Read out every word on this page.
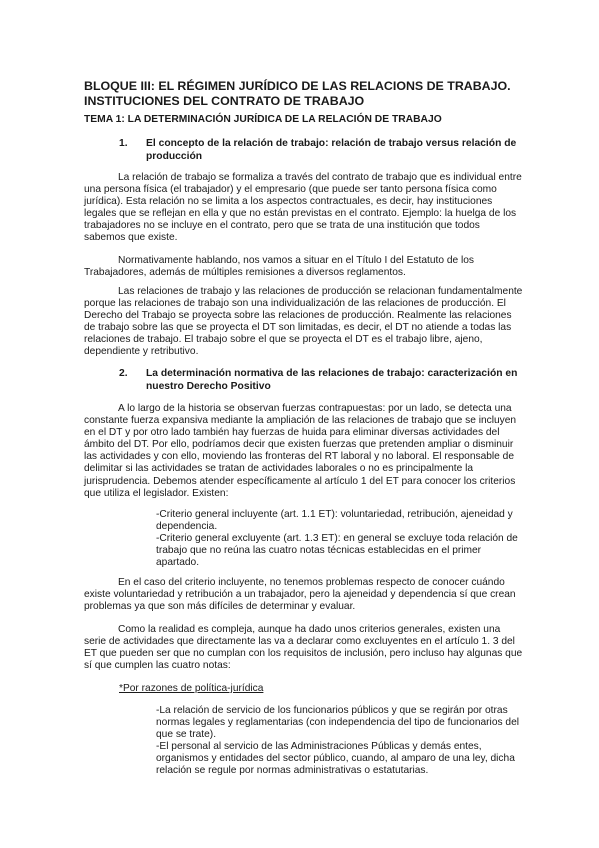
BLOQUE III: EL RÉGIMEN JURÍDICO DE LAS RELACIONS DE TRABAJO. INSTITUCIONES DEL CONTRATO DE TRABAJO
TEMA 1: LA DETERMINACIÓN JURÍDICA DE LA RELACIÓN DE TRABAJO
1. El concepto de la relación de trabajo: relación de trabajo versus relación de producción

La relación de trabajo se formaliza a través del contrato de trabajo que es individual entre una persona física (el trabajador) y el empresario (que puede ser tanto persona física como jurídica). Esta relación no se limita a los aspectos contractuales, es decir, hay instituciones legales que se reflejan en ella y que no están previstas en el contrato. Ejemplo: la huelga de los trabajadores no se incluye en el contrato, pero que se trata de una institución que todos sabemos que existe.

Normativamente hablando, nos vamos a situar en el Título I del Estatuto de los Trabajadores, además de múltiples remisiones a diversos reglamentos.

Las relaciones de trabajo y las relaciones de producción se relacionan fundamentalmente porque las relaciones de trabajo son una individualización de las relaciones de producción. El Derecho del Trabajo se proyecta sobre las relaciones de producción. Realmente las relaciones de trabajo sobre las que se proyecta el DT son limitadas, es decir, el DT no atiende a todas las relaciones de trabajo. El trabajo sobre el que se proyecta el DT es el trabajo libre, ajeno, dependiente y retributivo.

2. La determinación normativa de las relaciones de trabajo: caracterización en nuestro Derecho Positivo

A lo largo de la historia se observan fuerzas contrapuestas: por un lado, se detecta una constante fuerza expansiva mediante la ampliación de las relaciones de trabajo que se incluyen en el DT y por otro lado también hay fuerzas de huida para eliminar diversas actividades del ámbito del DT. Por ello, podríamos decir que existen fuerzas que pretenden ampliar o disminuir las actividades y con ello, moviendo las fronteras del RT laboral y no laboral. El responsable de delimitar si las actividades se tratan de actividades laborales o no es principalmente la jurisprudencia. Debemos atender específicamente al artículo 1 del ET para conocer los criterios que utiliza el legislador. Existen:

-Criterio general incluyente (art. 1.1 ET): voluntariedad, retribución, ajeneidad y dependencia.

-Criterio general excluyente (art. 1.3 ET): en general se excluye toda relación de trabajo que no reúna las cuatro notas técnicas establecidas en el primer apartado.

En el caso del criterio incluyente, no tenemos problemas respecto de conocer cuándo existe voluntariedad y retribución a un trabajador, pero la ajeneidad y dependencia sí que crean problemas ya que son más difíciles de determinar y evaluar.

Como la realidad es compleja, aunque ha dado unos criterios generales, existen una serie de actividades que directamente las va a declarar como excluyentes en el artículo 1. 3 del ET que pueden ser que no cumplan con los requisitos de inclusión, pero incluso hay algunas que sí que cumplen las cuatro notas:

*Por razones de política-jurídica

-La relación de servicio de los funcionarios públicos y que se regirán por otras normas legales y reglamentarias (con independencia del tipo de funcionarios del que se trate).

-El personal al servicio de las Administraciones Públicas y demás entes, organismos y entidades del sector público, cuando, al amparo de una ley, dicha relación se regule por normas administrativas o estatutarias.
